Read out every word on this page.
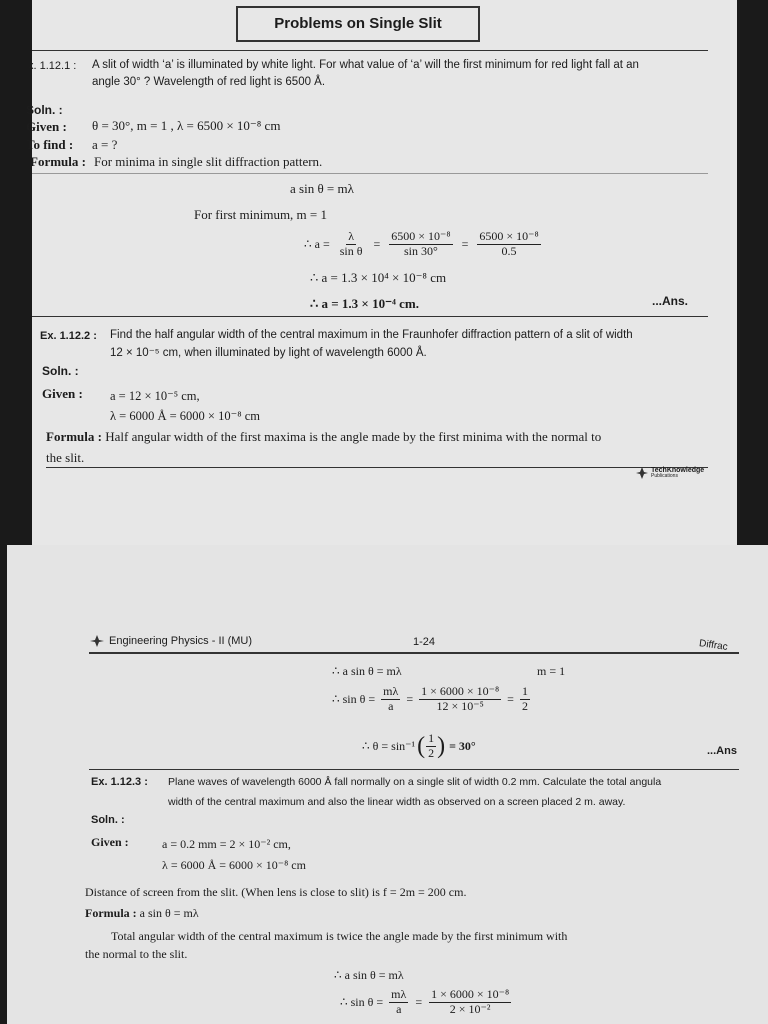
Problems on Single Slit
x. 1.12.1 : A slit of width ‘a’ is illuminated by white light. For what value of ‘a’ will the first minimum for red light fall at an
angle 30° ? Wavelength of red light is 6500 Å.
Soln. :
Given : θ = 30°, m = 1 , λ = 6500 × 10⁻⁸ cm
To find : a = ?
Formula : For minima in single slit diffraction pattern.
a sin θ = mλ
For first minimum, m = 1
∴ $a = \frac{\lambda}{\text{sin θ}} = \frac{\text{6500 × 10⁻⁸}}{\sin 30^\circ} = \frac{\text{6500 × 10⁻⁸}}{0.5}$
∴ a = 1.3 × 10⁴ × 10⁻⁸ cm
∴ a = 1.3 × 10⁻⁴ cm.	...Ans.
Ex. 1.12.2 : Find the half angular width of the central maximum in the Fraunhofer diffraction pattern of a slit of width
12 × 10⁻⁵ cm, when illuminated by light of wavelength 6000 Å.
Soln. :
Given : a = 12 × 10⁻⁵ cm,
λ = 6000 Å = 6000 × 10⁻⁸ cm
Formula : Half angular width of the first maxima is the angle made by the first minima with the normal to
the slit.
TechKnowledge
Publications
Engineering Physics - II (MU)	1-24	Diffrac
∴ a sin θ = mλ	m = 1
∴ $\sin \theta = \frac{m\lambda}{a} = \frac{\text{1 × 6000 × 10⁻⁸}}{\text{12 × 10⁻⁵}} = \frac{1}{2}$
∴ θ = sin⁻¹ ( $\frac{1}{2}$ ) = 30°	...Ans
Ex. 1.12.3 : Plane waves of wavelength 6000 Å fall normally on a single slit of width 0.2 mm. Calculate the total angula
width of the central maximum and also the linear width as observed on a screen placed 2 m. away.
Soln. :
Given :	a = 0.2 mm = 2 × 10⁻² cm,
λ = 6000 Å = 6000 × 10⁻⁸ cm
Distance of screen from the slit. (When lens is close to slit) is f = 2m = 200 cm.
Formula : a sin θ = mλ
Total angular width of the central maximum is twice the angle made by the first minimum with
the normal to the slit.
∴ a sin θ = mλ
∴ $\sin \theta = \frac{m\lambda}{a} = \frac{\text{1 × 6000 × 10⁻⁸}}{\text{2 × 10⁻²}}$
